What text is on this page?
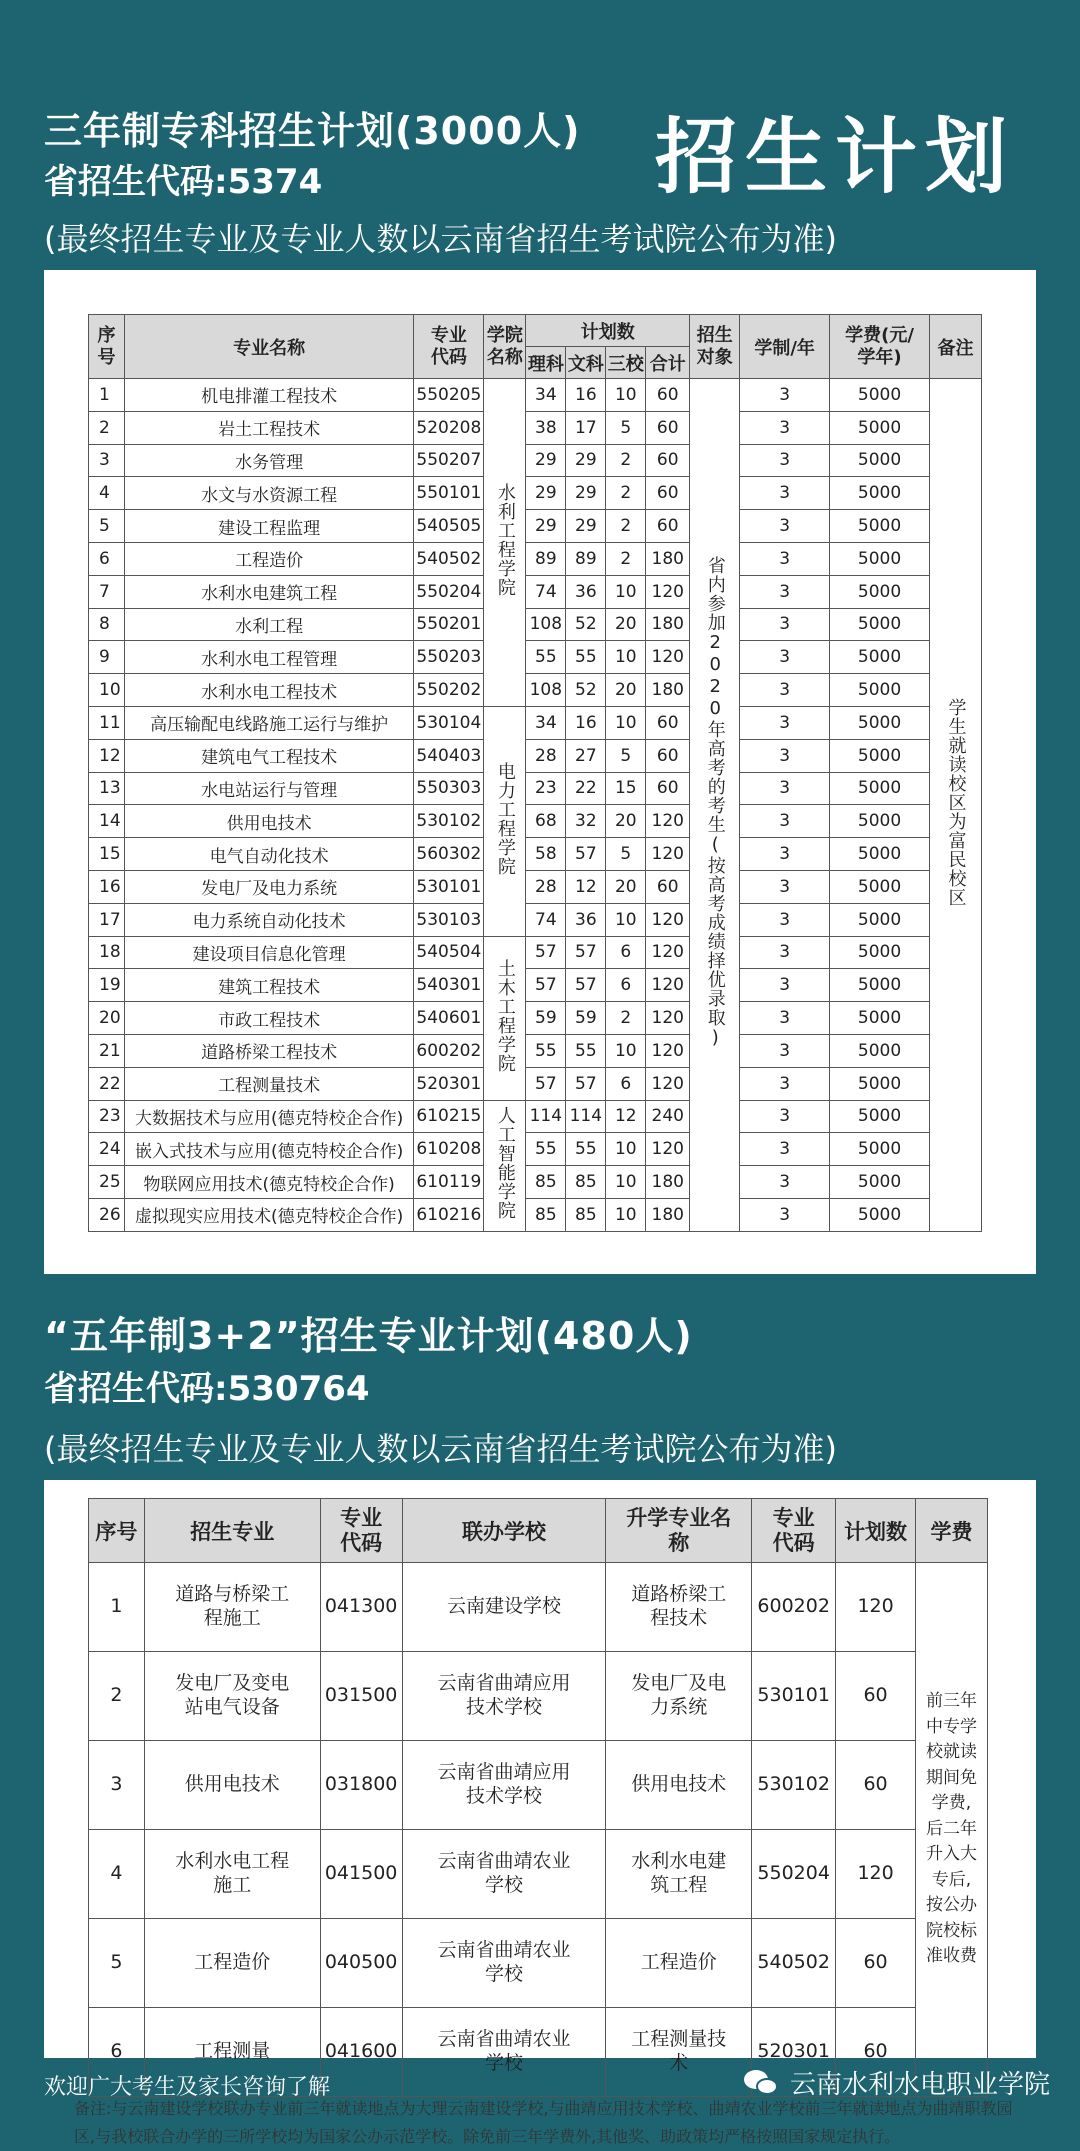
三年制专科招生计划(3000人)
省招生代码:5374
(最终招生专业及专业人数以云南省招生考试院公布为准)
招生计划
序号	专业名称	专业代码	学院名称	计划数				招生对象	学制/年	学费(元/学年)	备注
				理科	文科	三校	合计				
1	机电排灌工程技术	550205	水利工程学院	34	16	10	60	省内参加2020年高考的考生(按高考成绩择优录取)	3	5000	学生就读校区为富民校区
2	岩土工程技术	520208		38	17	5	60		3	5000	
3	水务管理	550207		29	29	2	60		3	5000	
4	水文与水资源工程	550101		29	29	2	60		3	5000	
5	建设工程监理	540505		29	29	2	60		3	5000	
6	工程造价	540502		89	89	2	180		3	5000	
7	水利水电建筑工程	550204		74	36	10	120		3	5000	
8	水利工程	550201		108	52	20	180		3	5000	
9	水利水电工程管理	550203		55	55	10	120		3	5000	
10	水利水电工程技术	550202		108	52	20	180		3	5000	
11	高压输配电线路施工运行与维护	530104	电力工程学院	34	16	10	60		3	5000	
12	建筑电气工程技术	540403		28	27	5	60		3	5000	
13	水电站运行与管理	550303		23	22	15	60		3	5000	
14	供用电技术	530102		68	32	20	120		3	5000	
15	电气自动化技术	560302		58	57	5	120		3	5000	
16	发电厂及电力系统	530101		28	12	20	60		3	5000	
17	电力系统自动化技术	530103		74	36	10	120		3	5000	
18	建设项目信息化管理	540504	土木工程学院	57	57	6	120		3	5000	
19	建筑工程技术	540301		57	57	6	120		3	5000	
20	市政工程技术	540601		59	59	2	120		3	5000	
21	道路桥梁工程技术	600202		55	55	10	120		3	5000	
22	工程测量技术	520301		57	57	6	120		3	5000	
23	大数据技术与应用(德克特校企合作)	610215	人工智能学院	114	114	12	240		3	5000	
24	嵌入式技术与应用(德克特校企合作)	610208		55	55	10	120		3	5000	
25	物联网应用技术(德克特校企合作)	610119		85	85	10	180		3	5000	
26	虚拟现实应用技术(德克特校企合作)	610216		85	85	10	180		3	5000	
“五年制3+2”招生专业计划(480人)
省招生代码:530764
(最终招生专业及专业人数以云南省招生考试院公布为准)
序号	招生专业	专业代码	联办学校	升学专业名称	专业代码	计划数	学费
1	道路与桥梁工程施工	041300	云南建设学校	道路桥梁工程技术	600202	120	前三年中专学校就读期间免学费,后二年升入大专后,按公办院校标准收费
2	发电厂及变电站电气设备	031500	云南省曲靖应用技术学校	发电厂及电力系统	530101	60	
3	供用电技术	031800	云南省曲靖应用技术学校	供用电技术	530102	60	
4	水利水电工程施工	041500	云南省曲靖农业学校	水利水电建筑工程	550204	120	
5	工程造价	040500	云南省曲靖农业学校	工程造价	540502	60	
6	工程测量	041600	云南省曲靖农业学校	工程测量技术	520301	60	
备注:与云南建设学校联办专业前三年就读地点为大理云南建设学校,与曲靖应用技术学校、曲靖农业学校前三年就读地点为曲靖职教园区,与我校联合办学的三所学校均为国家公办示范学校。除免前三年学费外,其他奖、助政策均严格按照国家规定执行。
欢迎广大考生及家长咨询了解	云南水利水电职业学院
